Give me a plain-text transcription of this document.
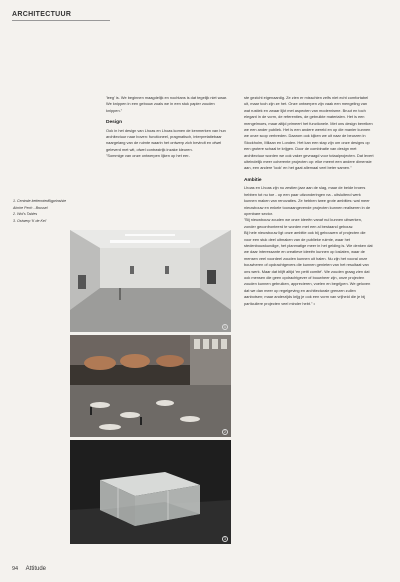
ARCHITECTUUR
1. Centrale kettenotediligprinsiste
Almire Pech - Brussel
2. Wol's Tables
3. Ostwerp 'K de Kei'

'leeg' is. We beginnen maagdelijk en nochtans is dat tegelijk niet waar. We knippen in een gebouw zoals we in een stuk papier zouden knippen."

Design

Ook in het design van Lhoas en Lhoas komen de kenmerken van hun architectuur naar boven: functioneel, pragmatisch, interpretatiebaar naargelang van de ruimte waarin het ontwerp zich bevindt en ofwel geleverd met wit, ofwel contrastrijk inzake kleuren.

"Sommige van onze ontwerpen lijken op het eer-

ste gezicht eigenaardig. Ze zien er misschien zelfs niet echt comfortabel uit, maar toch zijn ze het. Onze ontwerpen zijn vaak een mengeling van wat rustiek en zwaar lijkt met aspecten van modernisme. Bruut en toch elegant in de vorm, de referenties, de gebruikte materialen. Het is een mengelmoes, maar altijd primeert het functionele. Met ons design bereiken we een ander publiek. Het is een andere wereld en op die manier kunnen we onze scop verbreden. Daarom ook kijken we uit naar de beurzen in Stockholm, Milaan en Londen. Het kan een stap zijn om onze designs op een grotere schaal te krijgen. Door de combinatie van design met architectuur worden we ook vaker gevraagd voor totaalprojecten. Dat levert uiteindelijk meer coherente projecten op: elke meent een andere dimensie aan, een andere 'look' en het gaat allemaal veel beter samen."

Ambitie

Lhoas en Lhoas zijn nu zestien jaar aan de slag, maar de beide broers hebben tot nu toe - op een paar uitzonderingen na - uitsluitend werk kunnen maken van renovaties. Ze hebben twee grote ambities: wat meer nieuwbouw en enkele toonaangevende projecten kunnen realiseren in de openbare sector.

"Bij nieuwbouw zouden we onze ideeën vanaf nul kunnen uitwerken, zonder geconfronteerd te worden met een al bestaand gebouw.

Bij hele nieuwbouw ligt onze ambitie ook bij gebouwen of projecten die voor een stuk deel uitmaken van de publieke ruimte, waar het stedenbouwkundige, het planmatige meer in het gelding is. We denken dat we daar interessante en creatieve ideeën kunnen op loslaten, waar de mensen veel voordeel zouden kunnen uit halen. Nu zijn het vooral onze bouwheren of opdrachtgevers die kunnen genieten van het resultaat van ons werk. Maar dat blijft altijd 'en petit comité'. We zouden graag zien dat ook mensen die geen opdrachtgever of bouwheer zijn, onze projecten zouden kunnen gebruiken, apprecieren, voelen en begrijpen. We geloven dat we dan meer op regelgeving en architecturale grenzen zullen aanbotsen; maar anderzijds krijg je ook een vorm van vrijheid die je bij particuliere projecten veel minder hebt." •

1
2
3
94 Attitude
